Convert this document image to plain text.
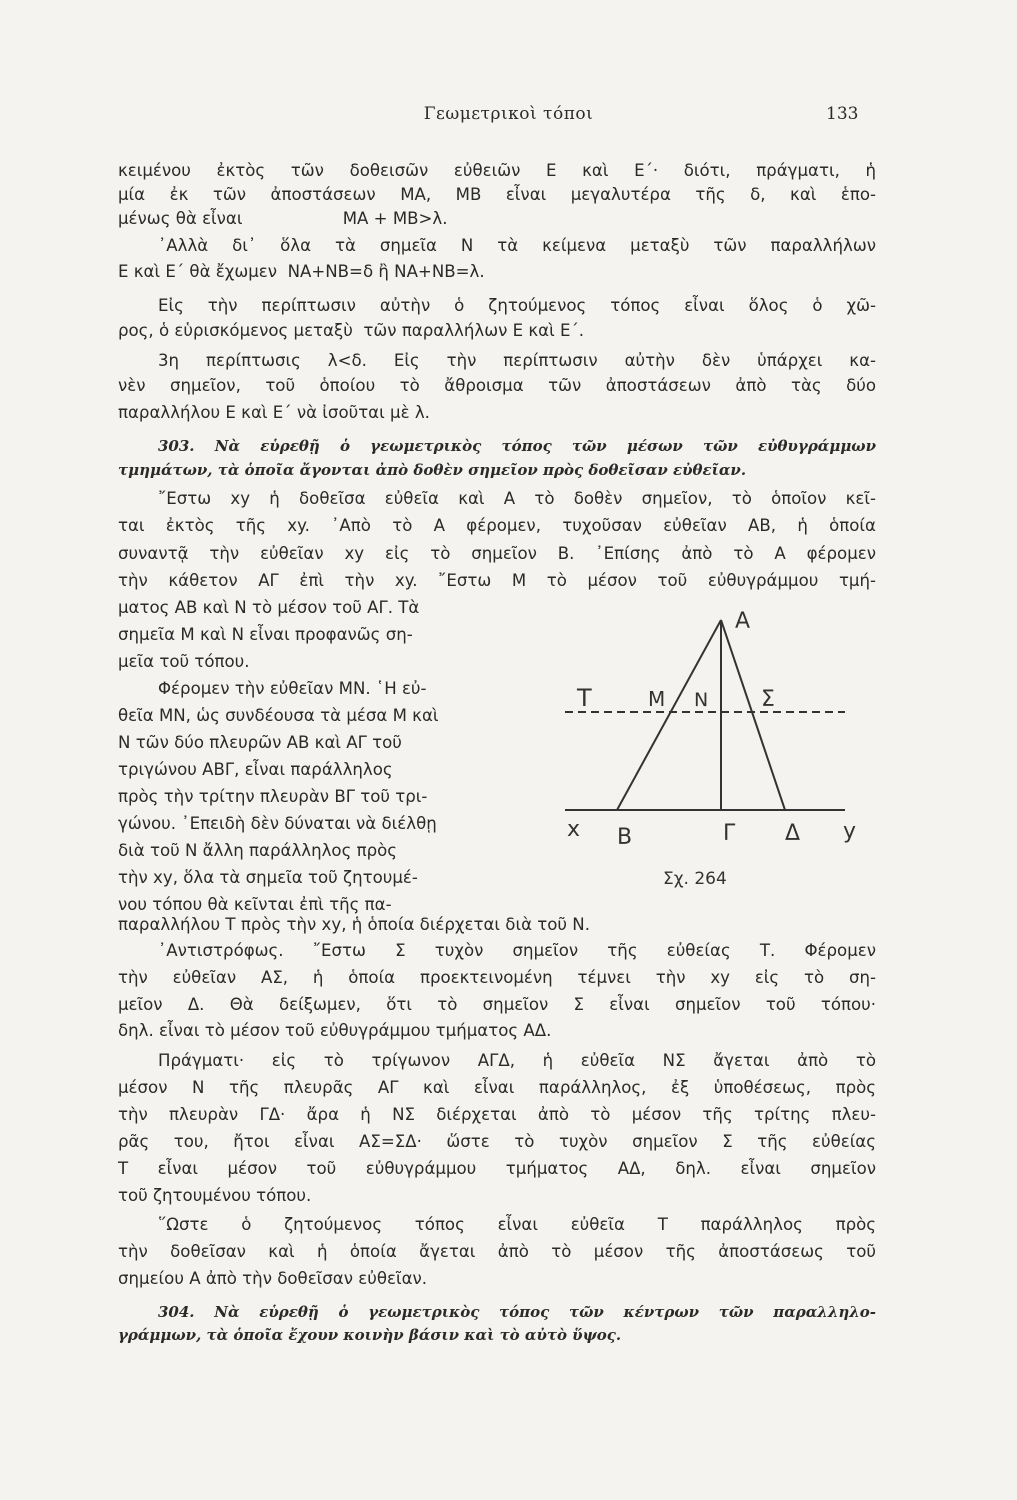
Γεωμετρικοὶ τόποι	133
κειμένου ἐκτὸς τῶν δοθεισῶν εὐθειῶν Ε καὶ Ε΄· διότι, πράγματι, ἡ
μία ἐκ τῶν ἀποστάσεων ΜΑ, ΜΒ εἶναι μεγαλυτέρα τῆς δ, καὶ ἑπο-
μένως θὰ εἶναι                   ΜΑ + ΜΒ>λ.
᾿Αλλὰ δι᾿ ὅλα τὰ σημεῖα Ν τὰ κείμενα μεταξὺ τῶν παραλλήλων
Ε καὶ Ε΄ θὰ ἔχωμεν  ΝΑ+ΝΒ=δ ἢ ΝΑ+ΝΒ=λ.
Εἰς τὴν περίπτωσιν αὐτὴν ὁ ζητούμενος τόπος εἶναι ὅλος ὁ χῶ-
ρος, ὁ εὑρισκόμενος μεταξὺ  τῶν παραλλήλων Ε καὶ Ε΄.
3η περίπτωσις λ<δ. Εἰς τὴν περίπτωσιν αὐτὴν δὲν ὑπάρχει κα-
νὲν σημεῖον, τοῦ ὁποίου τὸ ἄθροισμα τῶν ἀποστάσεων ἀπὸ τὰς δύο
παραλλήλου Ε καὶ Ε΄ νὰ ἰσοῦται μὲ λ.
303. Νὰ εὑρεθῇ ὁ γεωμετρικὸς τόπος τῶν μέσων τῶν εὐθυγράμμων
τμημάτων, τὰ ὁποῖα ἄγονται ἀπὸ δοθὲν σημεῖον πρὸς δοθεῖσαν εὐθεῖαν.
῎Εστω xy ἡ δοθεῖσα εὐθεῖα καὶ Α τὸ δοθὲν σημεῖον, τὸ ὁποῖον κεῖ-
ται ἐκτὸς τῆς xy. ᾿Απὸ τὸ Α φέρομεν, τυχοῦσαν εὐθεῖαν ΑΒ, ἡ ὁποία
συναντᾷ τὴν εὐθεῖαν xy εἰς τὸ σημεῖον Β. ᾿Επίσης ἀπὸ τὸ Α φέρομεν
τὴν κάθετον ΑΓ ἐπὶ τὴν xy. ῎Εστω Μ τὸ μέσον τοῦ εὐθυγράμμου τμή-
ματος ΑΒ καὶ Ν τὸ μέσον τοῦ ΑΓ. Τὰ
σημεῖα Μ καὶ Ν εἶναι προφανῶς ση-
μεῖα τοῦ τόπου.
Φέρομεν τὴν εὐθεῖαν ΜΝ. ῾Η εὐ-
θεῖα ΜΝ, ὡς συνδέουσα τὰ μέσα Μ καὶ
Ν τῶν δύο πλευρῶν ΑΒ καὶ ΑΓ τοῦ
τριγώνου ΑΒΓ, εἶναι παράλληλος
πρὸς τὴν τρίτην πλευρὰν ΒΓ τοῦ τρι-
γώνου. ᾿Επειδὴ δὲν δύναται νὰ διέλθῃ
διὰ τοῦ Ν ἄλλη παράλληλος πρὸς
τὴν xy, ὅλα τὰ σημεῖα τοῦ ζητουμέ-
νου τόπου θὰ κεῖνται ἐπὶ τῆς πα-
παραλλήλου Τ πρὸς τὴν xy, ἡ ὁποία διέρχεται διὰ τοῦ Ν.
᾿Αντιστρόφως. ῎Εστω Σ τυχὸν σημεῖον τῆς εὐθείας Τ. Φέρομεν
τὴν εὐθεῖαν ΑΣ, ἡ ὁποία προεκτεινομένη τέμνει τὴν xy εἰς τὸ ση-
μεῖον Δ. Θὰ δείξωμεν, ὅτι τὸ σημεῖον Σ εἶναι σημεῖον τοῦ τόπου·
δηλ. εἶναι τὸ μέσον τοῦ εὐθυγράμμου τμήματος ΑΔ.
Πράγματι· εἰς τὸ τρίγωνον ΑΓΔ, ἡ εὐθεῖα ΝΣ ἄγεται ἀπὸ τὸ
μέσον Ν τῆς πλευρᾶς ΑΓ καὶ εἶναι παράλληλος, ἐξ ὑποθέσεως, πρὸς
τὴν πλευρὰν ΓΔ· ἄρα ἡ ΝΣ διέρχεται ἀπὸ τὸ μέσον τῆς τρίτης πλευ-
ρᾶς του, ἤτοι εἶναι ΑΣ=ΣΔ· ὥστε τὸ τυχὸν σημεῖον Σ τῆς εὐθείας
Τ εἶναι μέσον τοῦ εὐθυγράμμου τμήματος ΑΔ, δηλ. εἶναι σημεῖον
τοῦ ζητουμένου τόπου.
῞Ωστε ὁ ζητούμενος τόπος εἶναι εὐθεῖα Τ παράλληλος πρὸς
τὴν δοθεῖσαν καὶ ἡ ὁποία ἄγεται ἀπὸ τὸ μέσον τῆς ἀποστάσεως τοῦ
σημείου Α ἀπὸ τὴν δοθεῖσαν εὐθεῖαν.
304. Νὰ εὑρεθῇ ὁ γεωμετρικὸς τόπος τῶν κέντρων τῶν παραλληλο-
γράμμων, τὰ ὁποῖα ἔχουν κοινὴν βάσιν καὶ τὸ αὐτὸ ὕψος.
Α
Τ	Μ Ν Σ
x Β	Γ Δ y
Σχ. 264
